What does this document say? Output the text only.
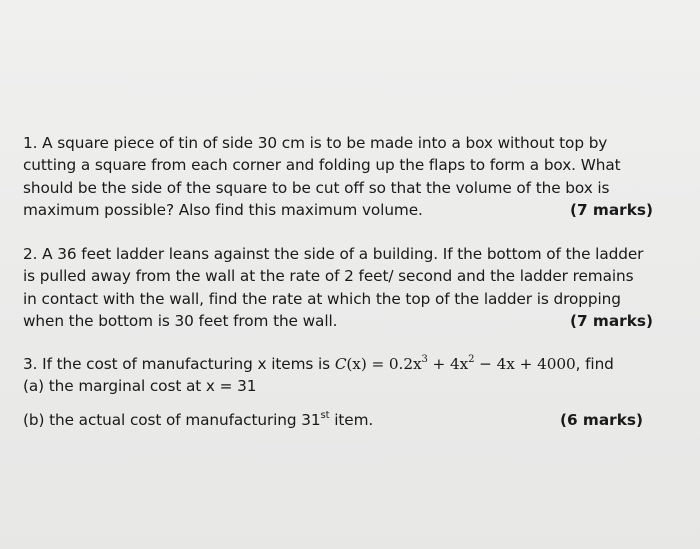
1. A square piece of tin of side 30 cm is to be made into a box without top by
cutting a square from each corner and folding up the flaps to form a box. What
should be the side of the square to be cut off so that the volume of the box is
maximum possible? Also find this maximum volume.	(7 marks)
2. A 36 feet ladder leans against the side of a building. If the bottom of the ladder
is pulled away from the wall at the rate of 2 feet/ second and the ladder remains
in contact with the wall, find the rate at which the top of the ladder is dropping
when the bottom is 30 feet from the wall.	(7 marks)
3. If the cost of manufacturing x items is $C(x) = 0.2x^3 + 4x^2 - 4x + 4000$, find
(a) the marginal cost at x = 31
(b) the actual cost of manufacturing 31st item.	(6 marks)
